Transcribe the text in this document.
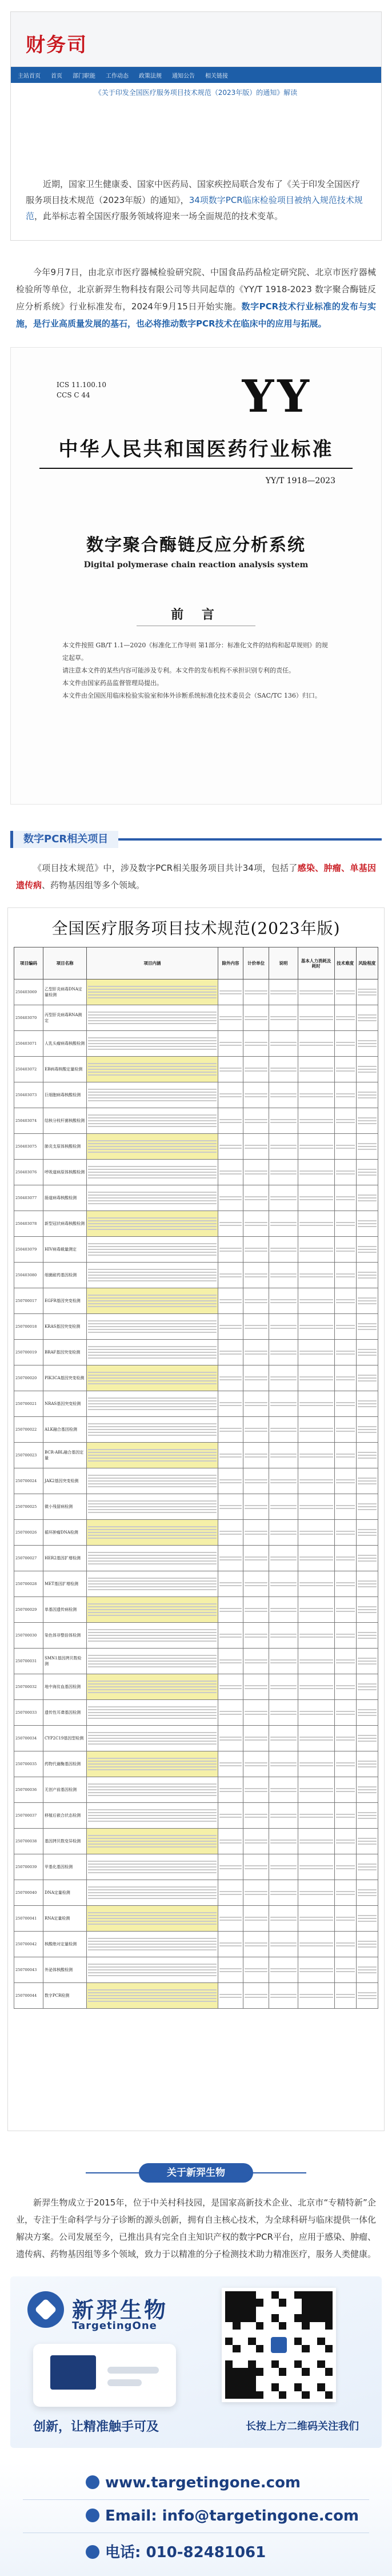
财务司
主站首页 首页 部门职能 工作动态 政策法规 通知公告 相关链接
《关于印发全国医疗服务项目技术规范（2023年版）的通知》解读
近期，国家卫生健康委、国家中医药局、国家疾控局联合发布了《关于印发全国医疗服务项目技术规范（2023年版）的通知》，34项数字PCR临床检验项目被纳入规范技术规范，此举标志着全国医疗服务领域将迎来一场全面规范的技术变革。
今年9月7日，由北京市医疗器械检验研究院、中国食品药品检定研究院、北京市医疗器械检验所等单位，北京新羿生物科技有限公司等共同起草的《YY/T 1918-2023 数字聚合酶链反应分析系统》行业标准发布，2024年9月15日开始实施。数字PCR技术行业标准的发布与实施，是行业高质量发展的基石，也必将推动数字PCR技术在临床中的应用与拓展。
ICS 11.100.10
CCS C 44	YY
中华人民共和国医药行业标准
YY/T 1918—2023
数字聚合酶链反应分析系统
Digital polymerase chain reaction analysis system
前 言
本文件按照 GB/T 1.1—2020《标准化工作导则 第1部分：标准化文件的结构和起草规则》的规定起草。
请注意本文件的某些内容可能涉及专利。本文件的发布机构不承担识别专利的责任。
本文件由国家药品监督管理局提出。
本文件由全国医用临床检验实验室和体外诊断系统标准化技术委员会（SAC/TC 136）归口。
数字PCR相关项目
《项目技术规范》中，涉及数字PCR相关服务项目共计34项，包括了感染、肿瘤、单基因遗传病、药物基因组等多个领域。
全国医疗服务项目技术规范(2023年版)
项目编码	项目名称	项目内涵	除外内容	计价单位	说明	基本人力消耗及耗时	技术难度	风险程度
250403069	乙型肝炎病毒DNA定量检测	

250403070	丙型肝炎病毒RNA测定	

250403071	人乳头瘤病毒核酸检测	

250403072	EB病毒核酸定量检测	

250403073	巨细胞病毒核酸检测	

250403074	结核分枝杆菌核酸检测	

250403075	肺炎支原体核酸检测	

250403076	呼吸道病原体核酸检测	

250403077	肠道病毒核酸检测	

250403078	新型冠状病毒核酸检测	

250403079	HIV病毒载量测定	

250403080	细菌耐药基因检测	

250700017	EGFR基因突变检测	

250700018	KRAS基因突变检测	

250700019	BRAF基因突变检测	

250700020	PIK3CA基因突变检测	

250700021	NRAS基因突变检测	

250700022	ALK融合基因检测	

250700023	BCR-ABL融合基因定量	

250700024	JAK2基因突变检测	

250700025	微小残留病检测	

250700026	循环肿瘤DNA检测	

250700027	HER2基因扩增检测	

250700028	MET基因扩增检测	

250700029	单基因遗传病检测	

250700030	染色体非整倍体检测	

250700031	SMN1基因拷贝数检测	

250700032	地中海贫血基因检测	

250700033	遗传性耳聋基因检测	

250700034	CYP2C19基因型检测	

250700035	药物代谢酶基因检测	

250700036	无创产前基因检测	

250700037	移植后嵌合状态检测	

250700038	基因拷贝数变异检测	

250700039	甲基化基因检测	

250700040	DNA定量检测	

250700041	RNA定量检测	

250700042	核酸绝对定量检测	

250700043	外泌体核酸检测	

250700044	数字PCR检测	

关于新羿生物
新羿生物成立于2015年，位于中关村科技园，是国家高新技术企业、北京市“专精特新”企业，专注于生命科学与分子诊断的源头创新，拥有自主核心技术，为全球科研与临床提供一体化解决方案。公司发展至今，已推出具有完全自主知识产权的数字PCR平台，应用于感染、肿瘤、遗传病、药物基因组等多个领域，致力于以精准的分子检测技术助力精准医疗，服务人类健康。
新羿生物
TargetingOne
创新，让精准触手可及	长按上方二维码关注我们
www.targetingone.com
Email: info@targetingone.com
电话: 010-82481061
